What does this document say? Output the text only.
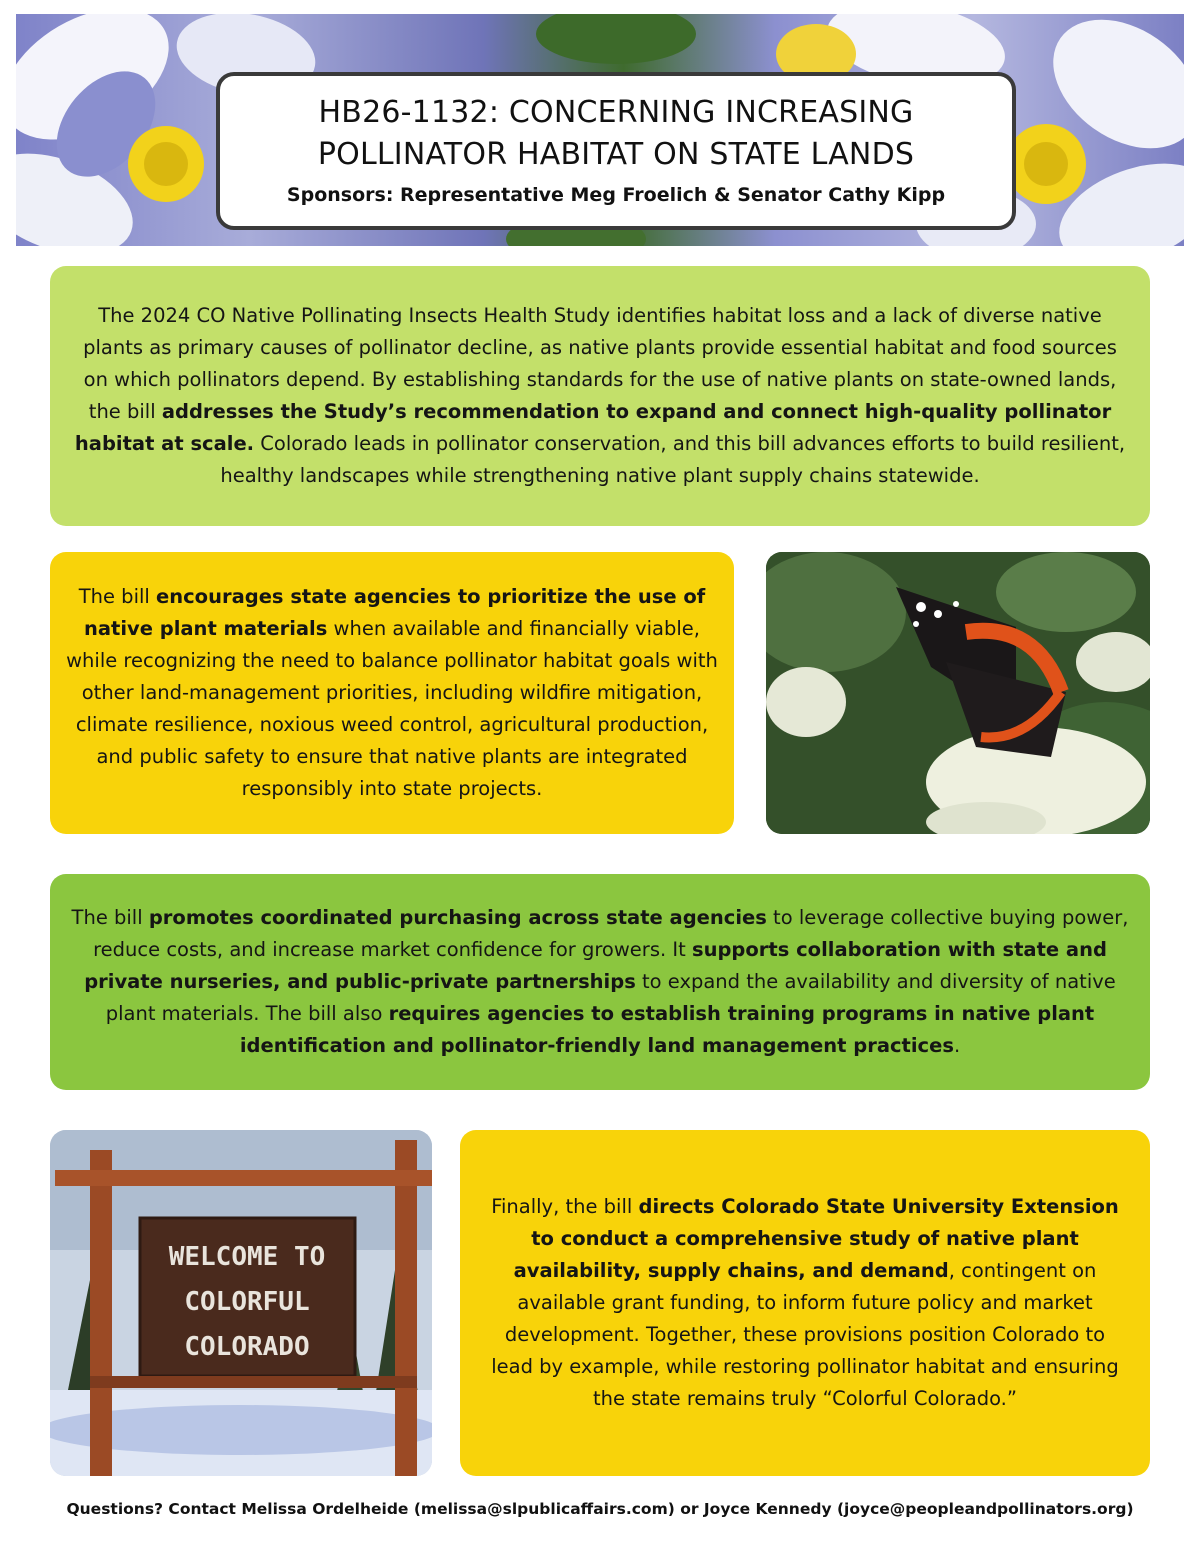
HB26-1132: CONCERNING INCREASING
POLLINATOR HABITAT ON STATE LANDS
Sponsors: Representative Meg Froelich & Senator Cathy Kipp

The 2024 CO Native Pollinating Insects Health Study identifies habitat loss and a lack of diverse native plants as primary causes of pollinator decline, as native plants provide essential habitat and food sources on which pollinators depend. By establishing standards for the use of native plants on state-owned lands, the bill addresses the Study’s recommendation to expand and connect high-quality pollinator habitat at scale. Colorado leads in pollinator conservation, and this bill advances efforts to build resilient, healthy landscapes while strengthening native plant supply chains statewide.

The bill encourages state agencies to prioritize the use of native plant materials when available and financially viable, while recognizing the need to balance pollinator habitat goals with other land-management priorities, including wildfire mitigation, climate resilience, noxious weed control, agricultural production, and public safety to ensure that native plants are integrated responsibly into state projects.

The bill promotes coordinated purchasing across state agencies to leverage collective buying power, reduce costs, and increase market confidence for growers. It supports collaboration with state and private nurseries, and public-private partnerships to expand the availability and diversity of native plant materials. The bill also requires agencies to establish training programs in native plant identification and pollinator-friendly land management practices.

WELCOME TO
COLORFUL
COLORADO

Finally, the bill directs Colorado State University Extension to conduct a comprehensive study of native plant availability, supply chains, and demand, contingent on available grant funding, to inform future policy and market development. Together, these provisions position Colorado to lead by example, while restoring pollinator habitat and ensuring the state remains truly “Colorful Colorado.”

Questions? Contact Melissa Ordelheide (melissa@slpublicaffairs.com) or Joyce Kennedy (joyce@peopleandpollinators.org)
